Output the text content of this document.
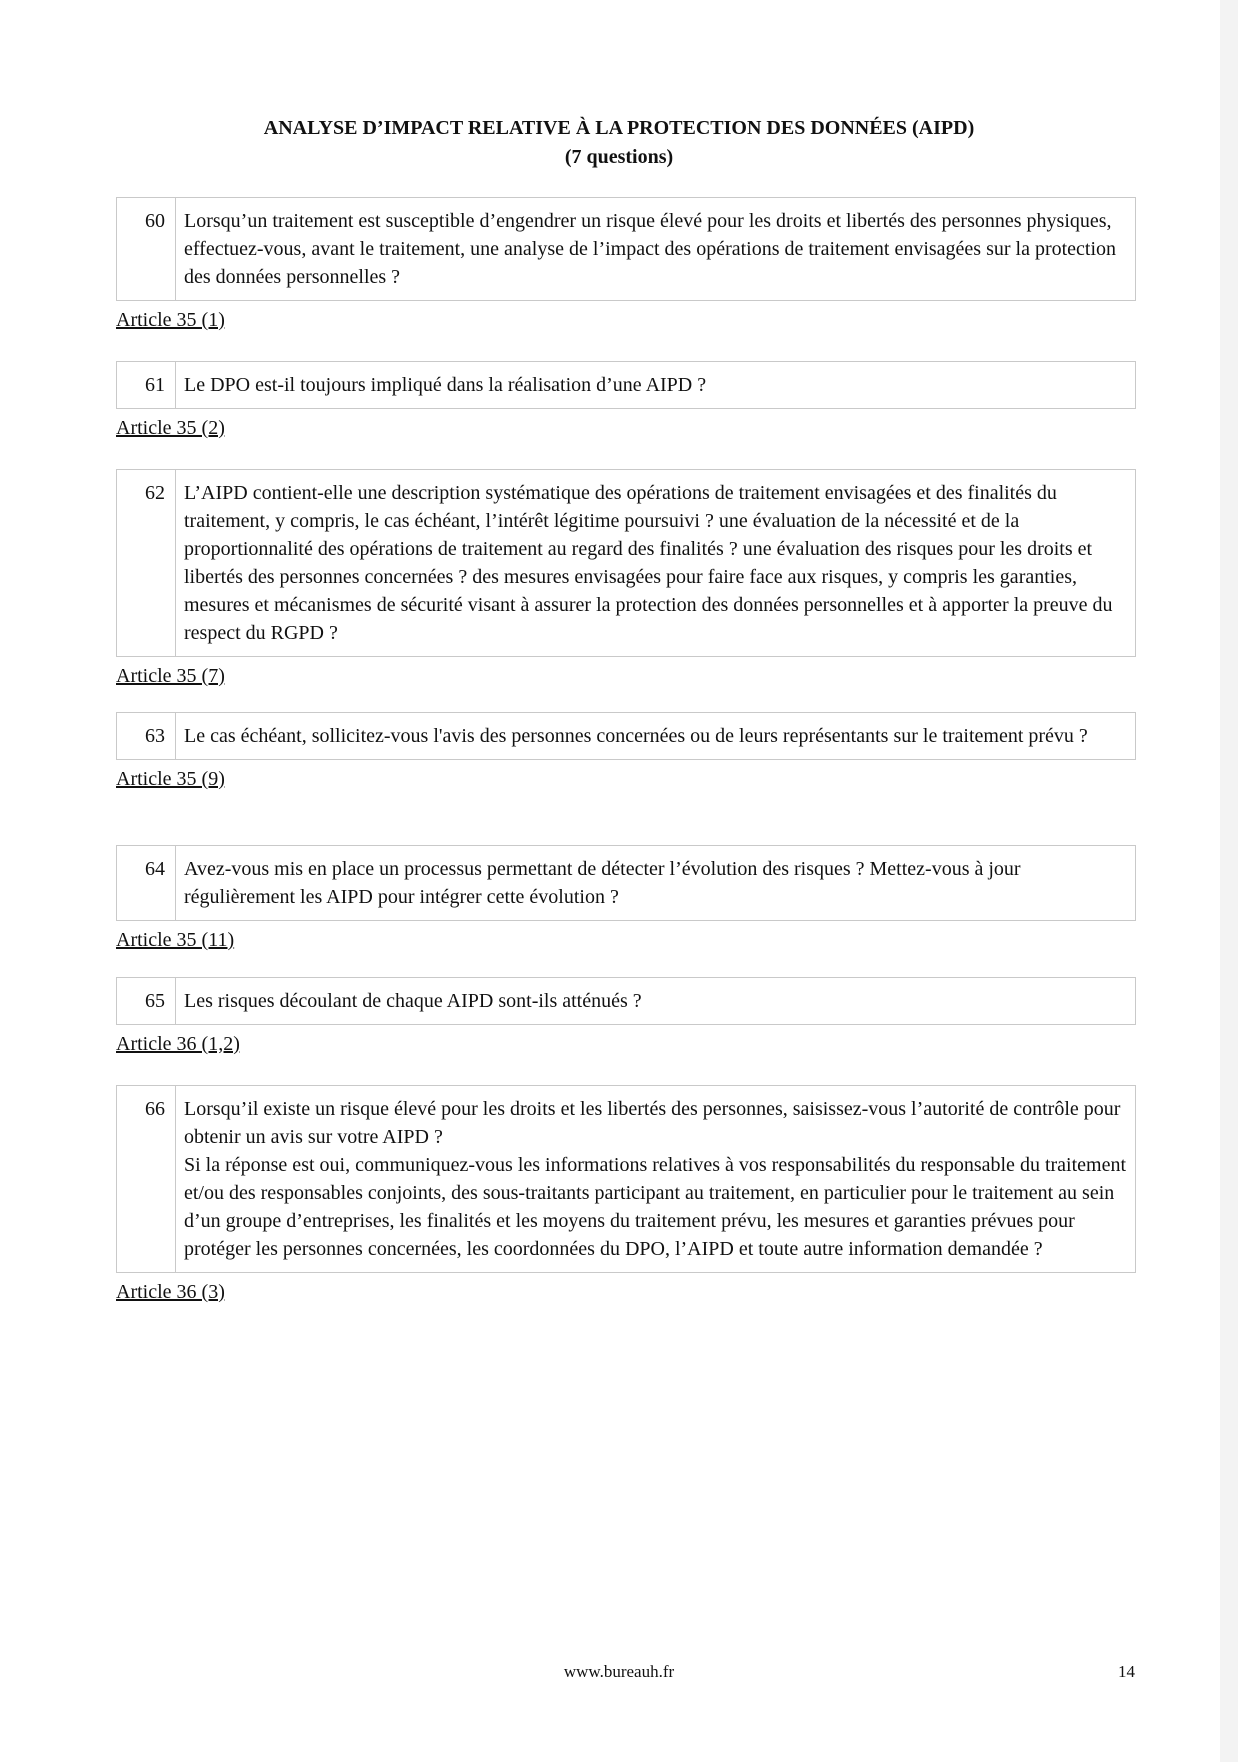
ANALYSE D’IMPACT RELATIVE À LA PROTECTION DES DONNÉES (AIPD)
(7 questions)
60 Lorsqu’un traitement est susceptible d’engendrer un risque élevé pour les droits et libertés des personnes physiques, effectuez-vous, avant le traitement, une analyse de l’impact des opérations de traitement envisagées sur la protection des données personnelles ?
Article 35 (1)
61 Le DPO est-il toujours impliqué dans la réalisation d’une AIPD ?
Article 35 (2)
62 L’AIPD contient-elle une description systématique des opérations de traitement envisagées et des finalités du traitement, y compris, le cas échéant, l’intérêt légitime poursuivi ? une évaluation de la nécessité et de la proportionnalité des opérations de traitement au regard des finalités ? une évaluation des risques pour les droits et libertés des personnes concernées ? des mesures envisagées pour faire face aux risques, y compris les garanties, mesures et mécanismes de sécurité visant à assurer la protection des données personnelles et à apporter la preuve du respect du RGPD ?
Article 35 (7)
63 Le cas échéant, sollicitez-vous l'avis des personnes concernées ou de leurs représentants sur le traitement prévu ?
Article 35 (9)
64 Avez-vous mis en place un processus permettant de détecter l’évolution des risques ? Mettez-vous à jour régulièrement les AIPD pour intégrer cette évolution ?
Article 35 (11)
65 Les risques découlant de chaque AIPD sont-ils atténués ?
Article 36 (1,2)
66 Lorsqu’il existe un risque élevé pour les droits et les libertés des personnes, saisissez-vous l’autorité de contrôle pour obtenir un avis sur votre AIPD ?
Si la réponse est oui, communiquez-vous les informations relatives à vos responsabilités du responsable du traitement et/ou des responsables conjoints, des sous-traitants participant au traitement, en particulier pour le traitement au sein d’un groupe d’entreprises, les finalités et les moyens du traitement prévu, les mesures et garanties prévues pour protéger les personnes concernées, les coordonnées du DPO, l’AIPD et toute autre information demandée ?
Article 36 (3)
www.bureauh.fr	14
